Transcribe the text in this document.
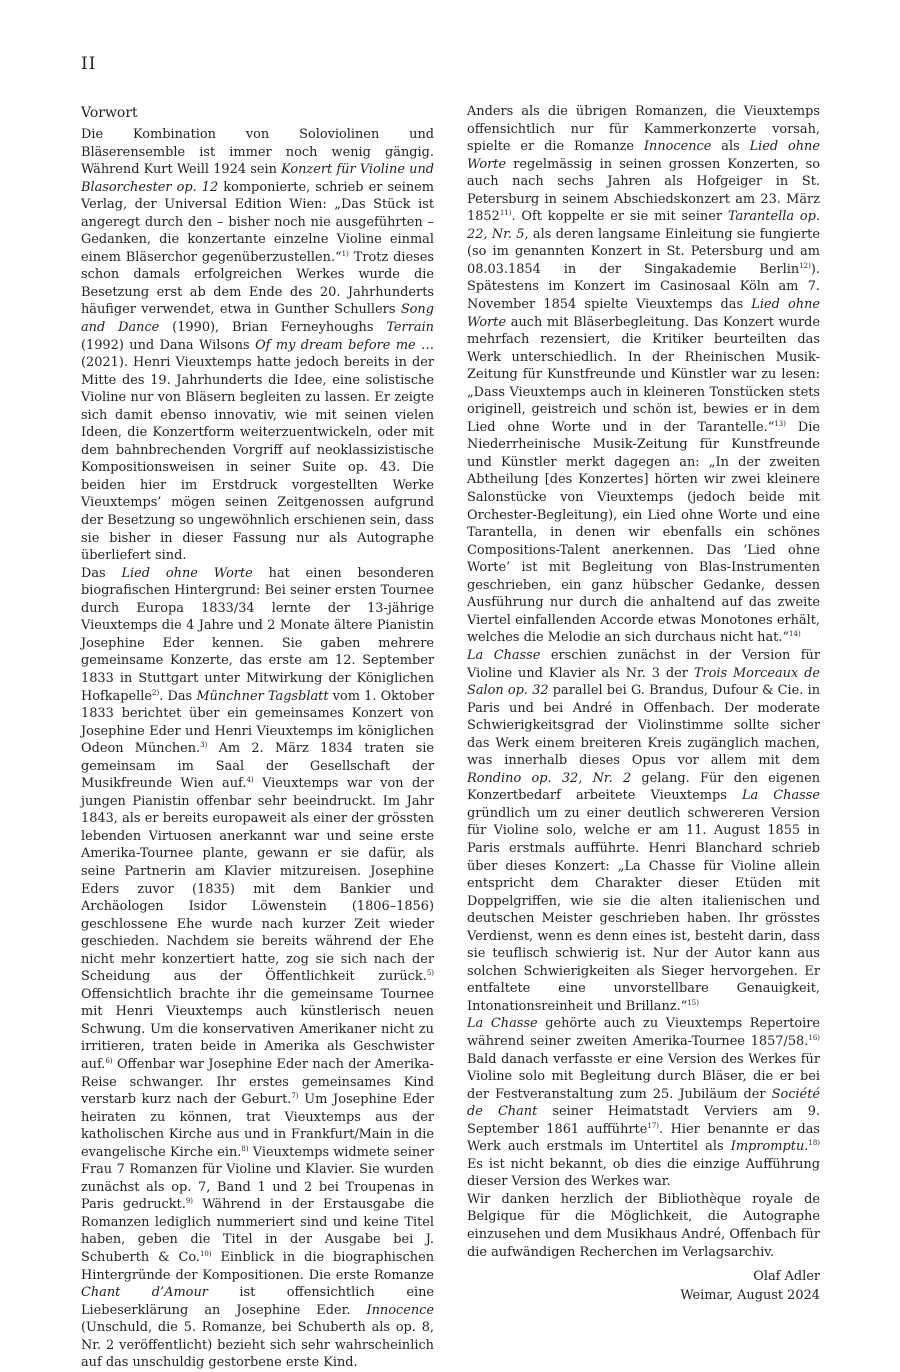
II

Vorwort

Die Kombination von Soloviolinen und Bläserensemble ist immer noch wenig gängig. Während Kurt Weill 1924 sein Konzert für Violine und Blasorchester op. 12 komponierte, schrieb er seinem Verlag, der Universal Edition Wien: „Das Stück ist angeregt durch den – bisher noch nie ausgeführten – Gedanken, die konzertante einzelne Violine einmal einem Bläserchor gegenüberzustellen.“$^{1)}$ Trotz dieses schon damals erfolgreichen Werkes wurde die Besetzung erst ab dem Ende des 20. Jahrhunderts häufiger verwendet, etwa in Gunther Schullers Song and Dance (1990), Brian Ferneyhoughs Terrain (1992) und Dana Wilsons Of my dream before me … (2021). Henri Vieuxtemps hatte jedoch bereits in der Mitte des 19. Jahrhunderts die Idee, eine solistische Violine nur von Bläsern begleiten zu lassen. Er zeigte sich damit ebenso innovativ, wie mit seinen vielen Ideen, die Konzertform weiterzuentwickeln, oder mit dem bahnbrechenden Vorgriff auf neoklassizistische Kompositionsweisen in seiner Suite op. 43. Die beiden hier im Erstdruck vorgestellten Werke Vieuxtemps’ mögen seinen Zeitgenossen aufgrund der Besetzung so ungewöhnlich erschienen sein, dass sie bisher in dieser Fassung nur als Autographe überliefert sind.

Das Lied ohne Worte hat einen besonderen biografischen Hintergrund: Bei seiner ersten Tournee durch Europa 1833/34 lernte der 13-jährige Vieuxtemps die 4 Jahre und 2 Monate ältere Pianistin Josephine Eder kennen. Sie gaben mehrere gemeinsame Konzerte, das erste am 12. September 1833 in Stuttgart unter Mitwirkung der Königlichen Hofkapelle$^{2)}$. Das Münchner Tagsblatt vom 1. Oktober 1833 berichtet über ein gemeinsames Konzert von Josephine Eder und Henri Vieuxtemps im königlichen Odeon München.$^{3)}$ Am 2. März 1834 traten sie gemeinsam im Saal der Gesellschaft der Musikfreunde Wien auf.$^{4)}$ Vieuxtemps war von der jungen Pianistin offenbar sehr beeindruckt. Im Jahr 1843, als er bereits europaweit als einer der grössten lebenden Virtuosen anerkannt war und seine erste Amerika-Tournee plante, gewann er sie dafür, als seine Partnerin am Klavier mitzureisen. Josephine Eders zuvor (1835) mit dem Bankier und Archäologen Isidor Löwenstein (1806–1856) geschlossene Ehe wurde nach kurzer Zeit wieder geschieden. Nachdem sie bereits während der Ehe nicht mehr konzertiert hatte, zog sie sich nach der Scheidung aus der Öffentlichkeit zurück.$^{5)}$ Offensichtlich brachte ihr die gemeinsame Tournee mit Henri Vieuxtemps auch künstlerisch neuen Schwung. Um die konservativen Amerikaner nicht zu irritieren, traten beide in Amerika als Geschwister auf.$^{6)}$ Offenbar war Josephine Eder nach der Amerika-Reise schwanger. Ihr erstes gemeinsames Kind verstarb kurz nach der Geburt.$^{7)}$ Um Josephine Eder heiraten zu können, trat Vieuxtemps aus der katholischen Kirche aus und in Frankfurt/Main in die evangelische Kirche ein.$^{8)}$ Vieuxtemps widmete seiner Frau 7 Romanzen für Violine und Klavier. Sie wurden zunächst als op. 7, Band 1 und 2 bei Troupenas in Paris gedruckt.$^{9)}$ Während in der Erstausgabe die Romanzen lediglich nummeriert sind und keine Titel haben, geben die Titel in der Ausgabe bei J. Schuberth & Co.$^{10)}$ Einblick in die biographischen Hintergründe der Kompositionen. Die erste Romanze Chant d’Amour ist offensichtlich eine Liebeserklärung an Josephine Eder. Innocence (Unschuld, die 5. Romanze, bei Schuberth als op. 8, Nr. 2 veröffentlicht) bezieht sich sehr wahrscheinlich auf das unschuldig gestorbene erste Kind.

Anders als die übrigen Romanzen, die Vieuxtemps offensichtlich nur für Kammerkonzerte vorsah, spielte er die Romanze Innocence als Lied ohne Worte regelmässig in seinen grossen Konzerten, so auch nach sechs Jahren als Hofgeiger in St. Petersburg in seinem Abschiedskonzert am 23. März 1852$^{11)}$. Oft koppelte er sie mit seiner Tarantella op. 22, Nr. 5, als deren langsame Einleitung sie fungierte (so im genannten Konzert in St. Petersburg und am 08.03.1854 in der Singakademie Berlin$^{12)}$). Spätestens im Konzert im Casinosaal Köln am 7. November 1854 spielte Vieuxtemps das Lied ohne Worte auch mit Bläserbegleitung. Das Konzert wurde mehrfach rezensiert, die Kritiker beurteilten das Werk unterschiedlich. In der Rheinischen Musik-Zeitung für Kunstfreunde und Künstler war zu lesen: „Dass Vieuxtemps auch in kleineren Tonstücken stets originell, geistreich und schön ist, bewies er in dem Lied ohne Worte und in der Tarantelle.“$^{13)}$ Die Niederrheinische Musik-Zeitung für Kunstfreunde und Künstler merkt dagegen an: „In der zweiten Abtheilung [des Konzertes] hörten wir zwei kleinere Salonstücke von Vieuxtemps (jedoch beide mit Orchester-Begleitung), ein Lied ohne Worte und eine Tarantella, in denen wir ebenfalls ein schönes Compositions-Talent anerkennen. Das ‘Lied ohne Worte’ ist mit Begleitung von Blas-Instrumenten geschrieben, ein ganz hübscher Gedanke, dessen Ausführung nur durch die anhaltend auf das zweite Viertel einfallenden Accorde etwas Monotones erhält, welches die Melodie an sich durchaus nicht hat.“$^{14)}$

La Chasse erschien zunächst in der Version für Violine und Klavier als Nr. 3 der Trois Morceaux de Salon op. 32 parallel bei G. Brandus, Dufour & Cie. in Paris und bei André in Offenbach. Der moderate Schwierigkeitsgrad der Violinstimme sollte sicher das Werk einem breiteren Kreis zugänglich machen, was innerhalb dieses Opus vor allem mit dem Rondino op. 32, Nr. 2 gelang. Für den eigenen Konzertbedarf arbeitete Vieuxtemps La Chasse gründlich um zu einer deutlich schwereren Version für Violine solo, welche er am 11. August 1855 in Paris erstmals aufführte. Henri Blanchard schrieb über dieses Konzert: „La Chasse für Violine allein entspricht dem Charakter dieser Etüden mit Doppelgriffen, wie sie die alten italienischen und deutschen Meister geschrieben haben. Ihr grösstes Verdienst, wenn es denn eines ist, besteht darin, dass sie teuflisch schwierig ist. Nur der Autor kann aus solchen Schwierigkeiten als Sieger hervorgehen. Er entfaltete eine unvorstellbare Genauigkeit, Intonationsreinheit und Brillanz.“$^{15)}$

La Chasse gehörte auch zu Vieuxtemps Repertoire während seiner zweiten Amerika-Tournee 1857/58.$^{16)}$ Bald danach verfasste er eine Version des Werkes für Violine solo mit Begleitung durch Bläser, die er bei der Festveranstaltung zum 25. Jubiläum der Société de Chant seiner Heimatstadt Verviers am 9. September 1861 aufführte$^{17)}$. Hier benannte er das Werk auch erstmals im Untertitel als Impromptu.$^{18)}$ Es ist nicht bekannt, ob dies die einzige Aufführung dieser Version des Werkes war.

Wir danken herzlich der Bibliothèque royale de Belgique für die Möglichkeit, die Autographe einzusehen und dem Musikhaus André, Offenbach für die aufwändigen Recherchen im Verlagsarchiv.

Olaf Adler
Weimar, August 2024
